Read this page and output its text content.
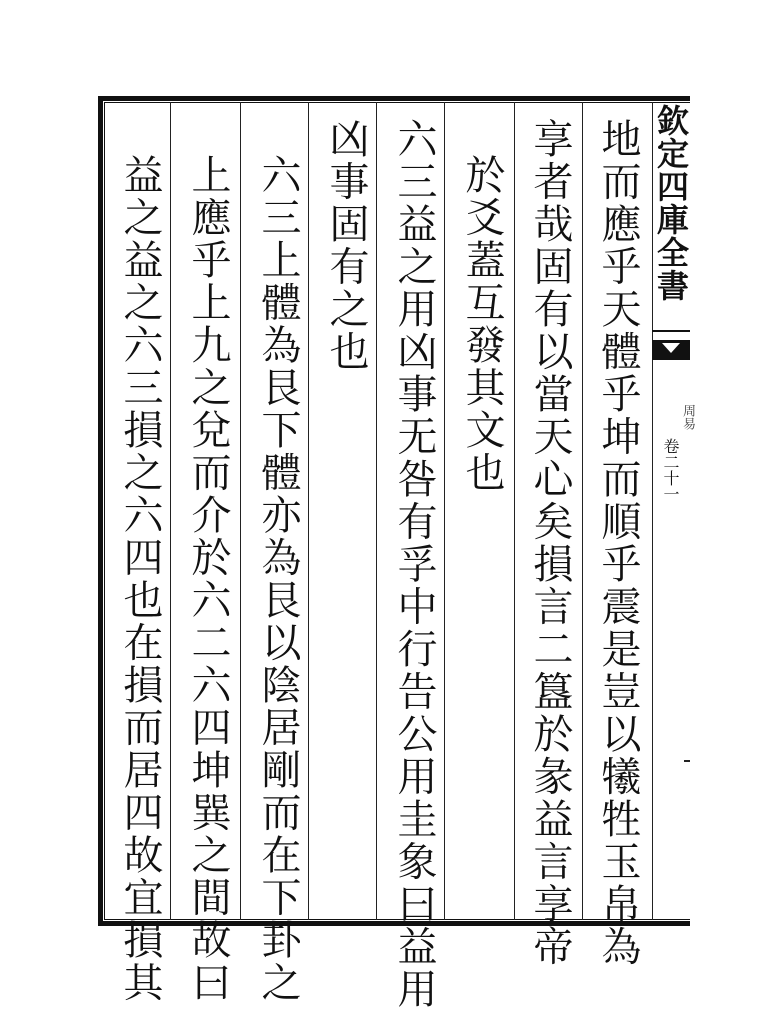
地而應乎天體乎坤而順乎震是豈以犧牲玉帛為
享者哉固有以當天心矣損言二簋於彖益言享帝
於爻蓋互發其文也
六三益之用凶事无咎有孚中行告公用圭象曰益用
凶事固有之也
六三上體為艮下體亦為艮以陰居剛而在下卦之
上應乎上九之兌而介於六二六四坤巽之間故曰
益之益之六三損之六四也在損而居四故宜損其	欽定四庫全書
卷二十一
周易
